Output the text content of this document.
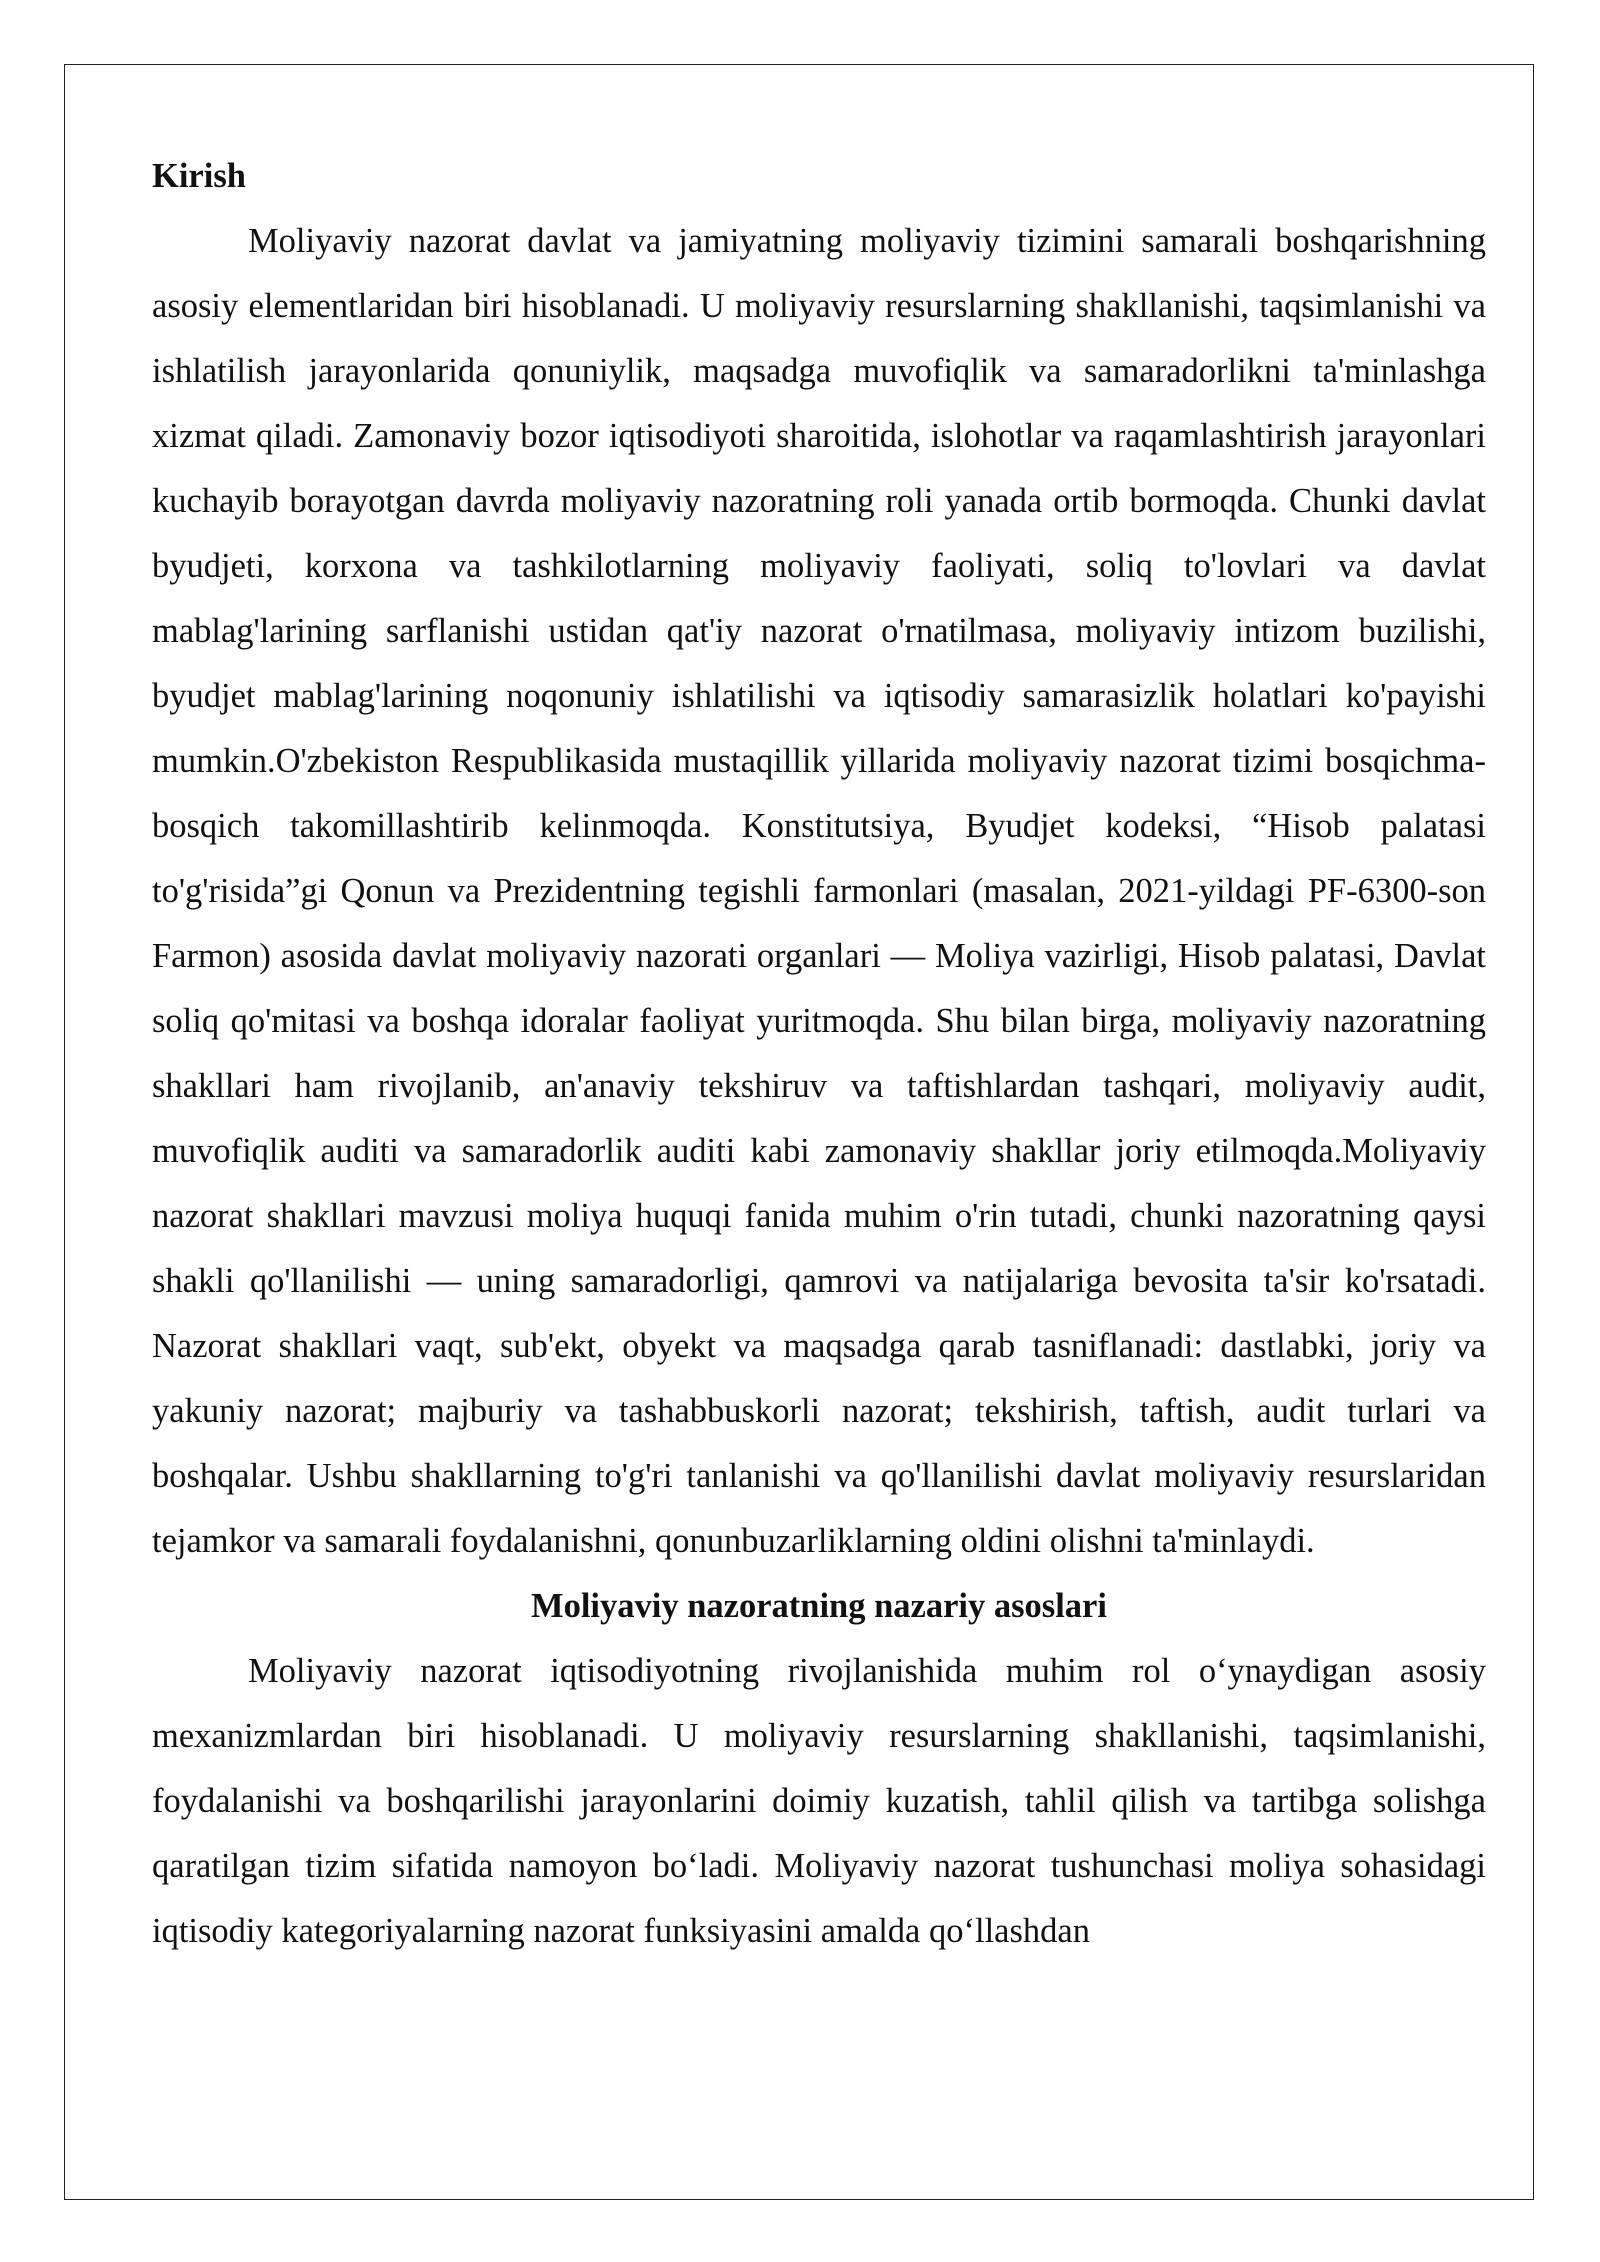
Kirish

Moliyaviy nazorat davlat va jamiyatning moliyaviy tizimini samarali boshqarishning asosiy elementlaridan biri hisoblanadi. U moliyaviy resurslarning shakllanishi, taqsimlanishi va ishlatilish jarayonlarida qonuniylik, maqsadga muvofiqlik va samaradorlikni ta'minlashga xizmat qiladi. Zamonaviy bozor iqtisodiyoti sharoitida, islohotlar va raqamlashtirish jarayonlari kuchayib borayotgan davrda moliyaviy nazoratning roli yanada ortib bormoqda. Chunki davlat byudjeti, korxona va tashkilotlarning moliyaviy faoliyati, soliq to'lovlari va davlat mablag'larining sarflanishi ustidan qat'iy nazorat o'rnatilmasa, moliyaviy intizom buzilishi, byudjet mablag'larining noqonuniy ishlatilishi va iqtisodiy samarasizlik holatlari ko'payishi mumkin.O'zbekiston Respublikasida mustaqillik yillarida moliyaviy nazorat tizimi bosqichma-bosqich takomillashtirib kelinmoqda. Konstitutsiya, Byudjet kodeksi, “Hisob palatasi to'g'risida”gi Qonun va Prezidentning tegishli farmonlari (masalan, 2021-yildagi PF-6300-son Farmon) asosida davlat moliyaviy nazorati organlari — Moliya vazirligi, Hisob palatasi, Davlat soliq qo'mitasi va boshqa idoralar faoliyat yuritmoqda. Shu bilan birga, moliyaviy nazoratning shakllari ham rivojlanib, an'anaviy tekshiruv va taftishlardan tashqari, moliyaviy audit, muvofiqlik auditi va samaradorlik auditi kabi zamonaviy shakllar joriy etilmoqda.Moliyaviy nazorat shakllari mavzusi moliya huquqi fanida muhim o'rin tutadi, chunki nazoratning qaysi shakli qo'llanilishi — uning samaradorligi, qamrovi va natijalariga bevosita ta'sir ko'rsatadi. Nazorat shakllari vaqt, sub'ekt, obyekt va maqsadga qarab tasniflanadi: dastlabki, joriy va yakuniy nazorat; majburiy va tashabbuskorli nazorat; tekshirish, taftish, audit turlari va boshqalar. Ushbu shakllarning to'g'ri tanlanishi va qo'llanilishi davlat moliyaviy resurslaridan tejamkor va samarali foydalanishni, qonunbuzarliklarning oldini olishni ta'minlaydi.

Moliyaviy nazoratning nazariy asoslari

Moliyaviy nazorat iqtisodiyotning rivojlanishida muhim rol o‘ynaydigan asosiy mexanizmlardan biri hisoblanadi. U moliyaviy resurslarning shakllanishi, taqsimlanishi, foydalanishi va boshqarilishi jarayonlarini doimiy kuzatish, tahlil qilish va tartibga solishga qaratilgan tizim sifatida namoyon bo‘ladi. Moliyaviy nazorat tushunchasi moliya sohasidagi iqtisodiy kategoriyalarning nazorat funksiyasini amalda qo‘llashdan
